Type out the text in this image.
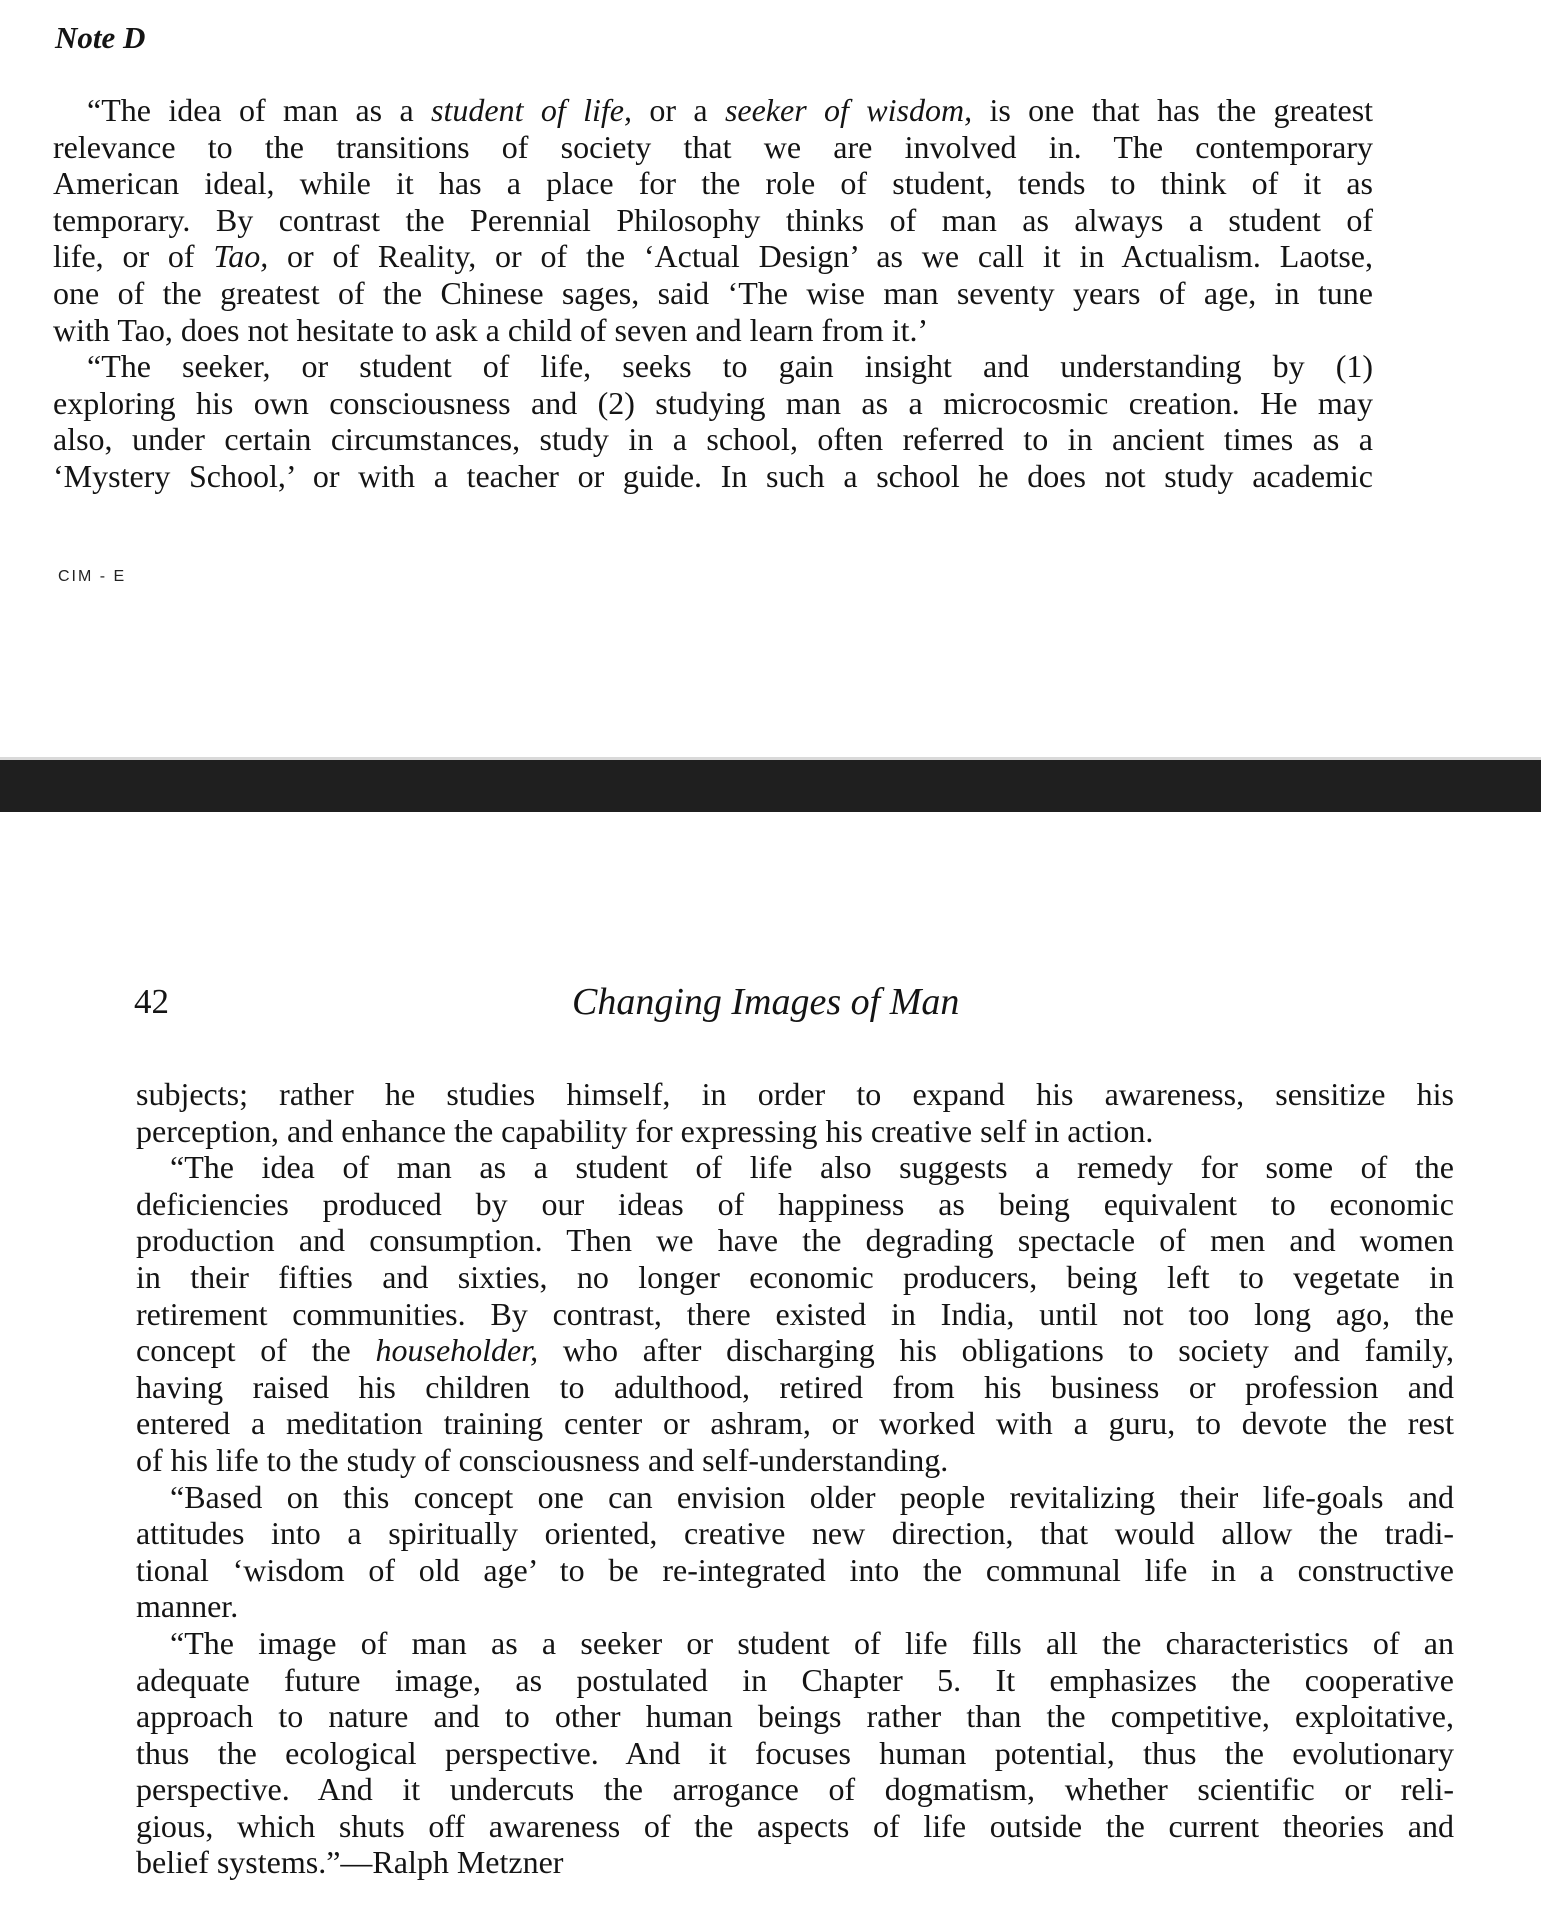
Note D
“The idea of man as a student of life, or a seeker of wisdom, is one that has the greatest
relevance to the transitions of society that we are involved in. The contemporary
American ideal, while it has a place for the role of student, tends to think of it as
temporary. By contrast the Perennial Philosophy thinks of man as always a student of
life, or of Tao, or of Reality, or of the ‘Actual Design’ as we call it in Actualism. Laotse,
one of the greatest of the Chinese sages, said ‘The wise man seventy years of age, in tune
with Tao, does not hesitate to ask a child of seven and learn from it.’
“The seeker, or student of life, seeks to gain insight and understanding by (1)
exploring his own consciousness and (2) studying man as a microcosmic creation. He may
also, under certain circumstances, study in a school, often referred to in ancient times as a
‘Mystery School,’ or with a teacher or guide. In such a school he does not study academic
CIM - E
42	Changing Images of Man
subjects; rather he studies himself, in order to expand his awareness, sensitize his
perception, and enhance the capability for expressing his creative self in action.
“The idea of man as a student of life also suggests a remedy for some of the
deficiencies produced by our ideas of happiness as being equivalent to economic
production and consumption. Then we have the degrading spectacle of men and women
in their fifties and sixties, no longer economic producers, being left to vegetate in
retirement communities. By contrast, there existed in India, until not too long ago, the
concept of the householder, who after discharging his obligations to society and family,
having raised his children to adulthood, retired from his business or profession and
entered a meditation training center or ashram, or worked with a guru, to devote the rest
of his life to the study of consciousness and self-understanding.
“Based on this concept one can envision older people revitalizing their life-goals and
attitudes into a spiritually oriented, creative new direction, that would allow the tradi-
tional ‘wisdom of old age’ to be re-integrated into the communal life in a constructive
manner.
“The image of man as a seeker or student of life fills all the characteristics of an
adequate future image, as postulated in Chapter 5. It emphasizes the cooperative
approach to nature and to other human beings rather than the competitive, exploitative,
thus the ecological perspective. And it focuses human potential, thus the evolutionary
perspective. And it undercuts the arrogance of dogmatism, whether scientific or reli-
gious, which shuts off awareness of the aspects of life outside the current theories and
belief systems.”—Ralph Metzner
